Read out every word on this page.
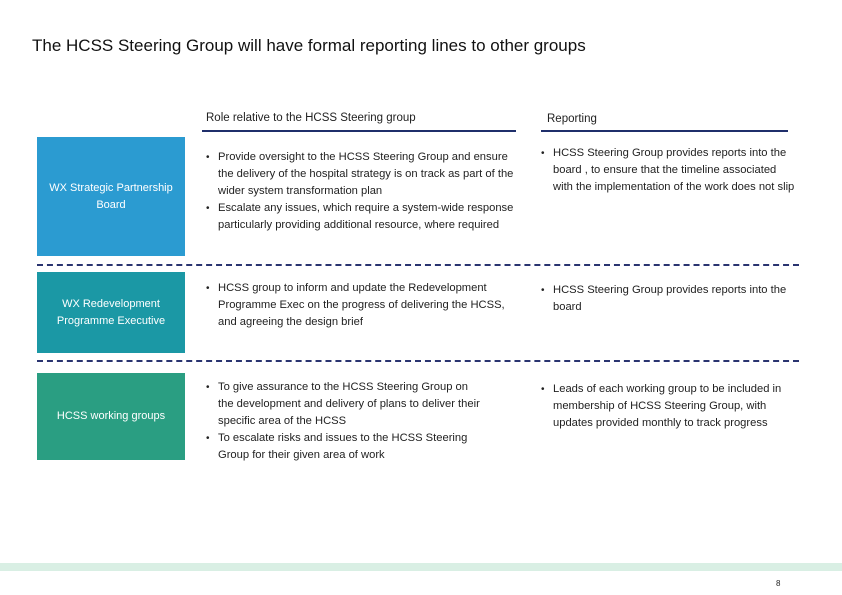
The HCSS Steering Group will have formal reporting lines to other groups
Role relative to the HCSS Steering group	Reporting
WX Strategic Partnership Board
• Provide oversight to the HCSS Steering Group and ensure the delivery of the hospital strategy is on track as part of the wider system transformation plan
• Escalate any issues, which require a system-wide response particularly providing additional resource, where required
• HCSS Steering Group provides reports into the board , to ensure that the timeline associated with the implementation of the work does not slip
WX Redevelopment Programme Executive
• HCSS group to inform and update the Redevelopment Programme Exec on the progress of delivering the HCSS, and agreeing the design brief
• HCSS Steering Group provides reports into the board
HCSS working groups
• To give assurance to the HCSS Steering Group on the development and delivery of plans to deliver their specific area of the HCSS
• To escalate risks and issues to the HCSS Steering Group for their given area of work
• Leads of each working group to be included in membership of HCSS Steering Group, with updates provided monthly to track progress
8
